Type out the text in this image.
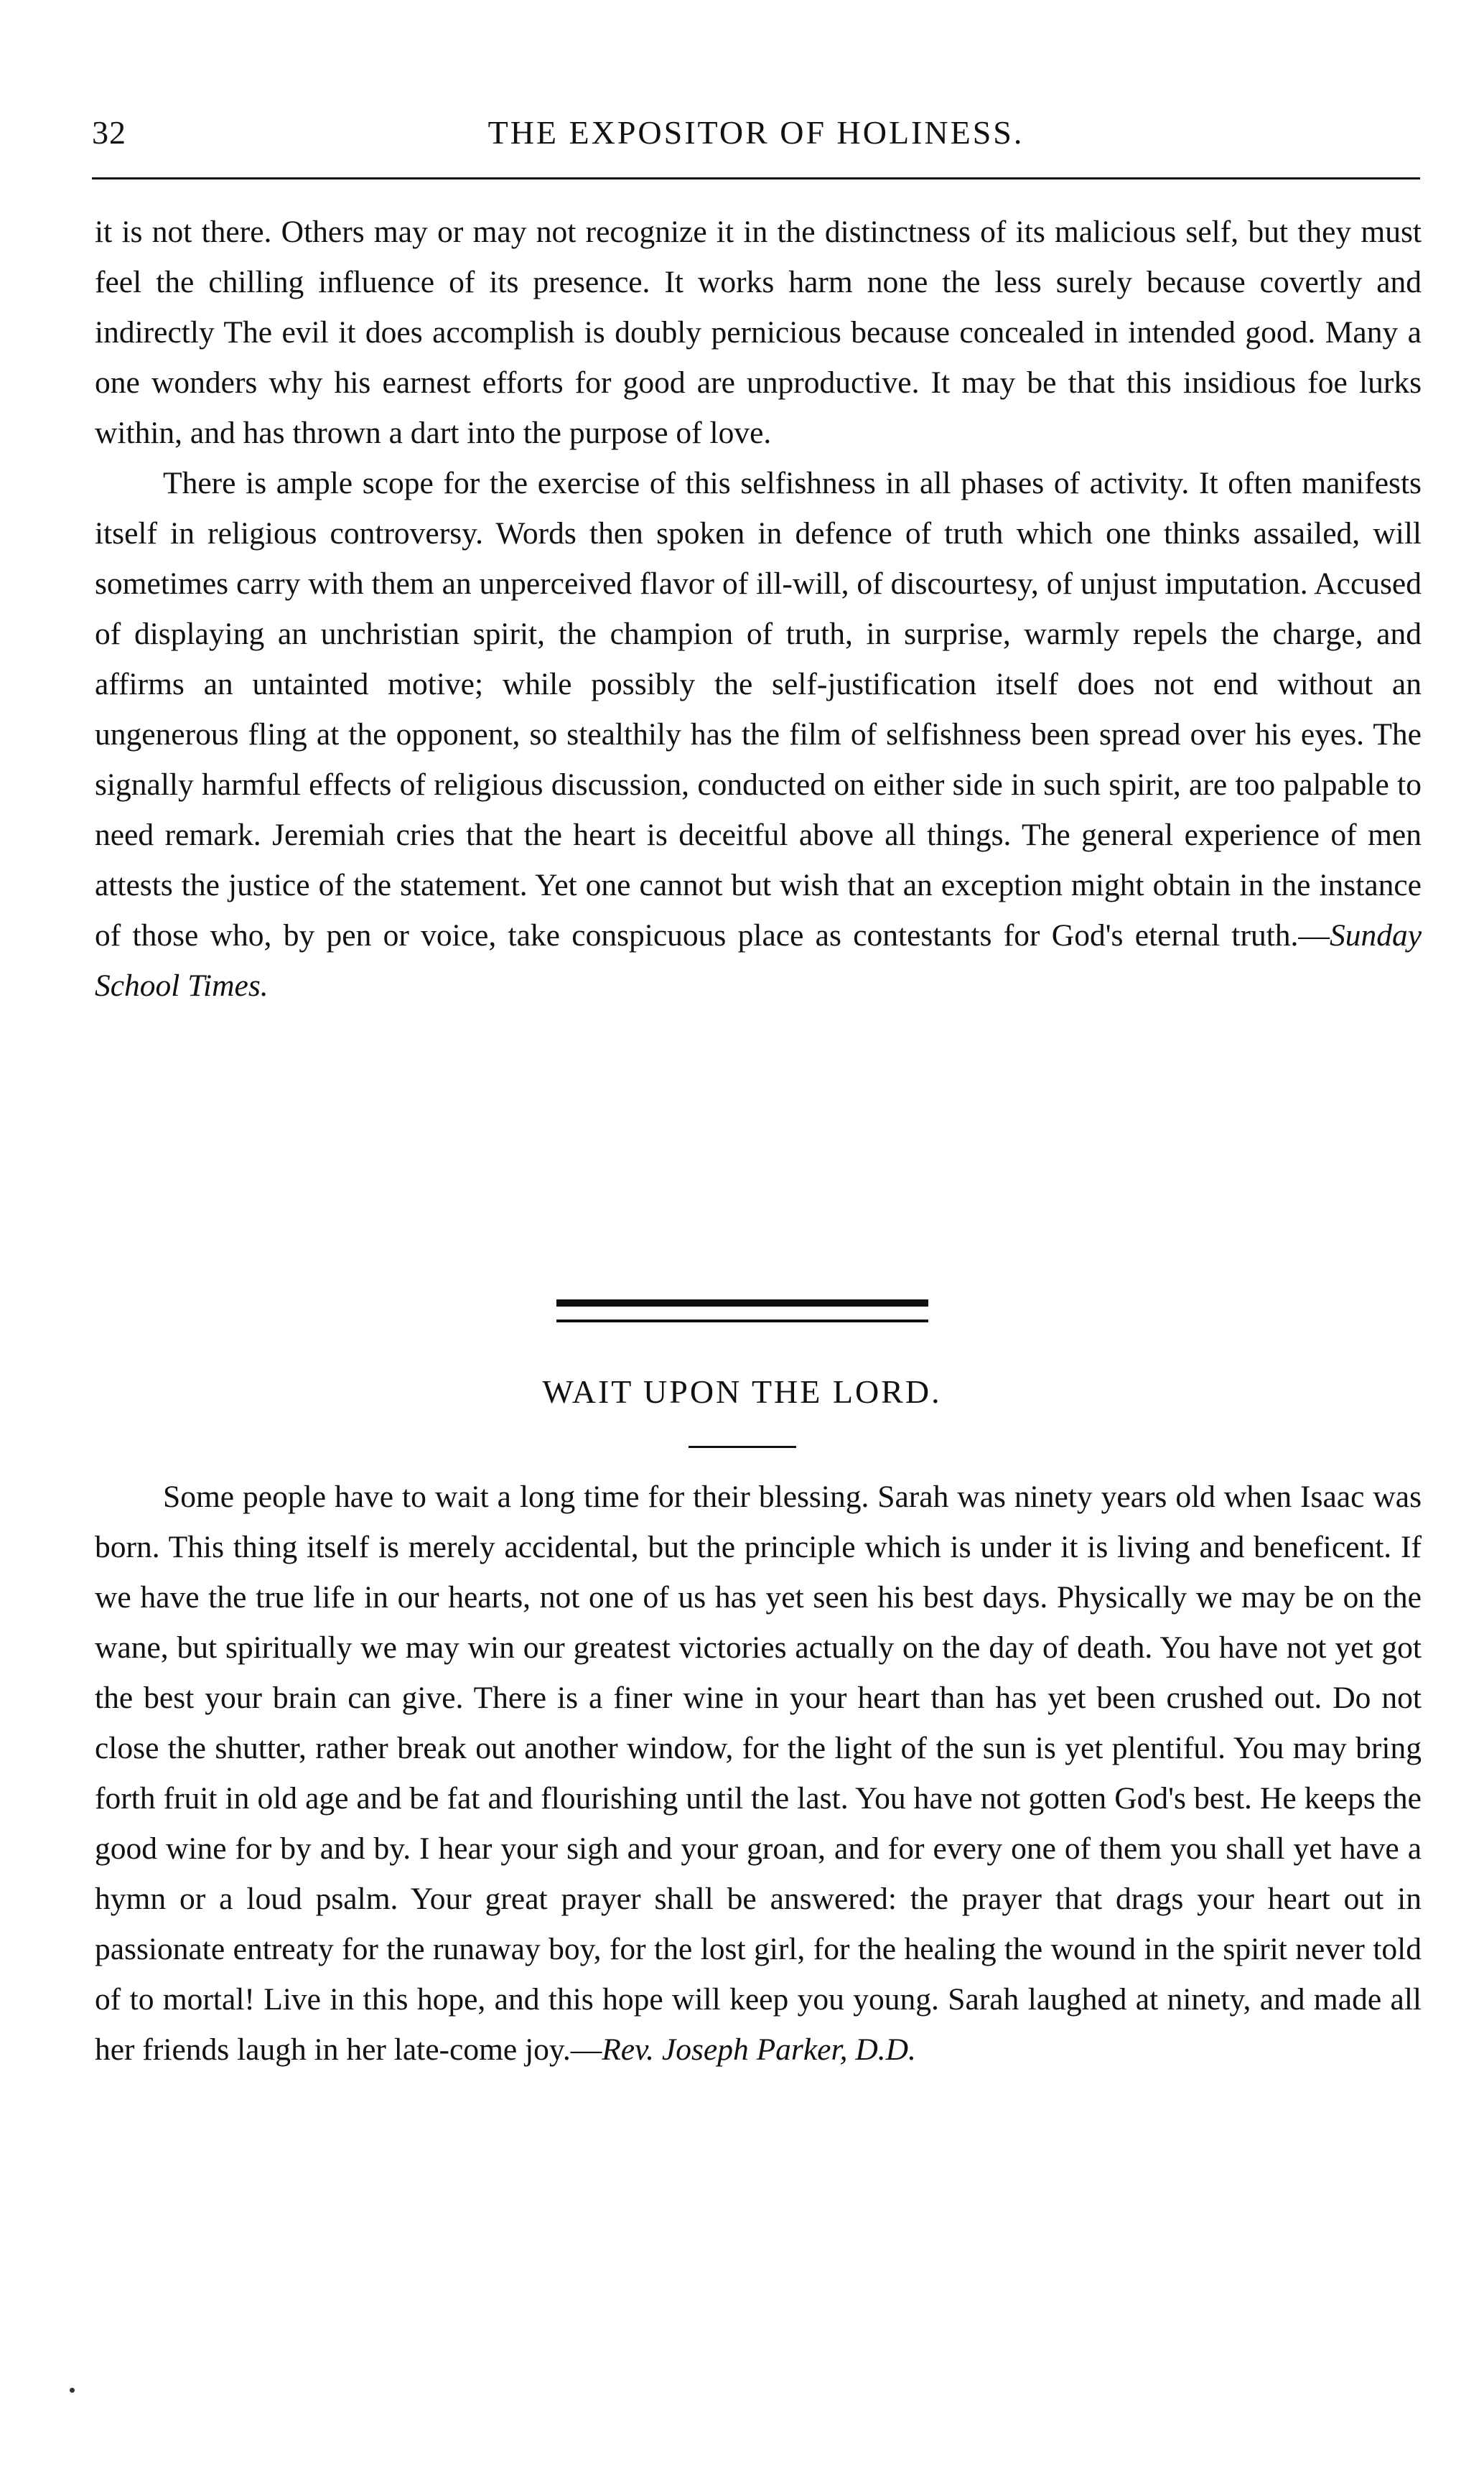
32	THE EXPOSITOR OF HOLINESS.

it is not there. Others may or may not recognize it in the distinctness of its malicious self, but they must feel the chilling influence of its presence. It works harm none the less surely because covertly and indirectly The evil it does accomplish is doubly pernicious because concealed in intended good. Many a one wonders why his earnest efforts for good are unproductive. It may be that this insidious foe lurks within, and has thrown a dart into the purpose of love.

There is ample scope for the exercise of this selfishness in all phases of activity. It often manifests itself in religious controversy. Words then spoken in defence of truth which one thinks assailed, will sometimes carry with them an unperceived flavor of ill-will, of discourtesy, of unjust imputation. Accused of displaying an unchristian spirit, the champion of truth, in surprise, warmly repels the charge, and affirms an untainted motive; while possibly the self-justification itself does not end without an ungenerous fling at the opponent, so stealthily has the film of selfishness been spread over his eyes. The signally harmful effects of religious discussion, conducted on either side in such spirit, are too palpable to need remark. Jeremiah cries that the heart is deceitful above all things. The general experience of men attests the justice of the statement. Yet one cannot but wish that an exception might obtain in the instance of those who, by pen or voice, take conspicuous place as contestants for God's eternal truth.—Sunday School Times.

WAIT UPON THE LORD.

Some people have to wait a long time for their blessing. Sarah was ninety years old when Isaac was born. This thing itself is merely accidental, but the principle which is under it is living and beneficent. If we have the true life in our hearts, not one of us has yet seen his best days. Physically we may be on the wane, but spiritually we may win our greatest victories actually on the day of death. You have not yet got the best your brain can give. There is a finer wine in your heart than has yet been crushed out. Do not close the shutter, rather break out another window, for the light of the sun is yet plentiful. You may bring forth fruit in old age and be fat and flourishing until the last. You have not gotten God's best. He keeps the good wine for by and by. I hear your sigh and your groan, and for every one of them you shall yet have a hymn or a loud psalm. Your great prayer shall be answered: the prayer that drags your heart out in passionate entreaty for the runaway boy, for the lost girl, for the healing the wound in the spirit never told of to mortal! Live in this hope, and this hope will keep you young. Sarah laughed at ninety, and made all her friends laugh in her late-come joy.—Rev. Joseph Parker, D.D.
